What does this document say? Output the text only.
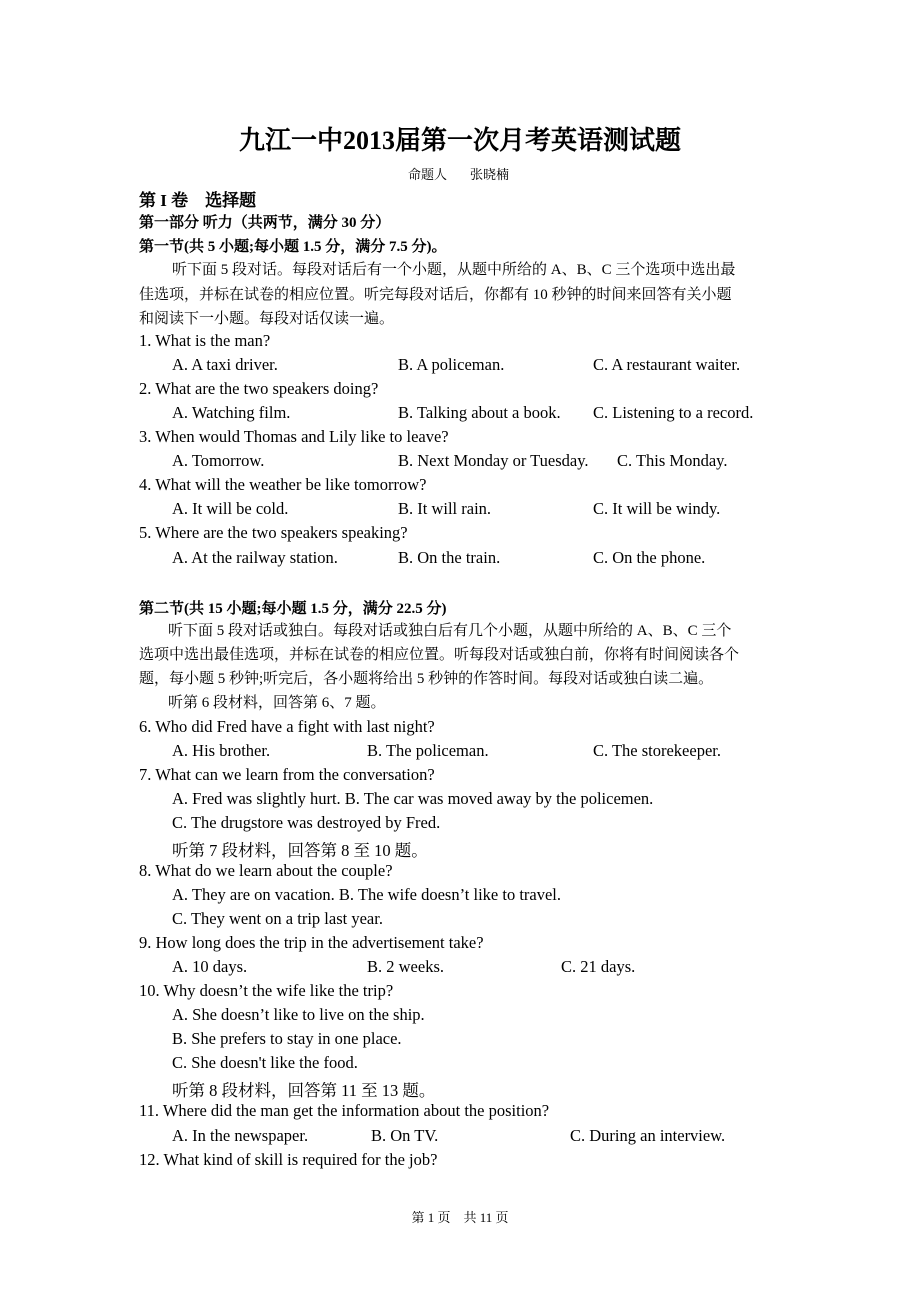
九江一中2013届第一次月考英语测试题
命题人 张晓楠
第 I 卷　选择题
第一部分 听力（共两节，满分 30 分）
第一节(共 5 小题;每小题 1.5 分，满分 7.5 分)。
听下面 5 段对话。每段对话后有一个小题，从题中所给的 A、B、C 三个选项中选出最
佳选项，并标在试卷的相应位置。听完每段对话后，你都有 10 秒钟的时间来回答有关小题
和阅读下一小题。每段对话仅读一遍。
1. What is the man?
A. A taxi driver.	B. A policeman.	C. A restaurant waiter.
2. What are the two speakers doing?
A. Watching film.	B. Talking about a book. C. Listening to a record.
3. When would Thomas and Lily like to leave?
A. Tomorrow.	B. Next Monday or Tuesday. C. This Monday.
4. What will the weather be like tomorrow?
A. It will be cold.	B. It will rain.	C. It will be windy.
5. Where are the two speakers speaking?
A. At the railway station.	B. On the train.	C. On the phone.
第二节(共 15 小题;每小题 1.5 分，满分 22.5 分)
听下面 5 段对话或独白。每段对话或独白后有几个小题，从题中所给的 A、B、C 三个
选项中选出最佳选项，并标在试卷的相应位置。听每段对话或独白前，你将有时间阅读各个
题，每小题 5 秒钟;听完后，各小题将给出 5 秒钟的作答时间。每段对话或独白读二遍。
听第 6 段材料，回答第 6、7 题。
6. Who did Fred have a fight with last night?
A. His brother.	B. The policeman.	C. The storekeeper.
7. What can we learn from the conversation?
A. Fred was slightly hurt. B. The car was moved away by the policemen.
C. The drugstore was destroyed by Fred.
听第 7 段材料，回答第 8 至 10 题。
8. What do we learn about the couple?
A. They are on vacation. B. The wife doesn’t like to travel.
C. They went on a trip last year.
9. How long does the trip in the advertisement take?
A. 10 days.	B. 2 weeks.	C. 21 days.
10. Why doesn’t the wife like the trip?
A. She doesn’t like to live on the ship.
B. She prefers to stay in one place.
C. She doesn't like the food.
听第 8 段材料，回答第 11 至 13 题。
11. Where did the man get the information about the position?
A. In the newspaper.	B. On TV.	C. During an interview.
12. What kind of skill is required for the job?
第 1 页　共 11 页
